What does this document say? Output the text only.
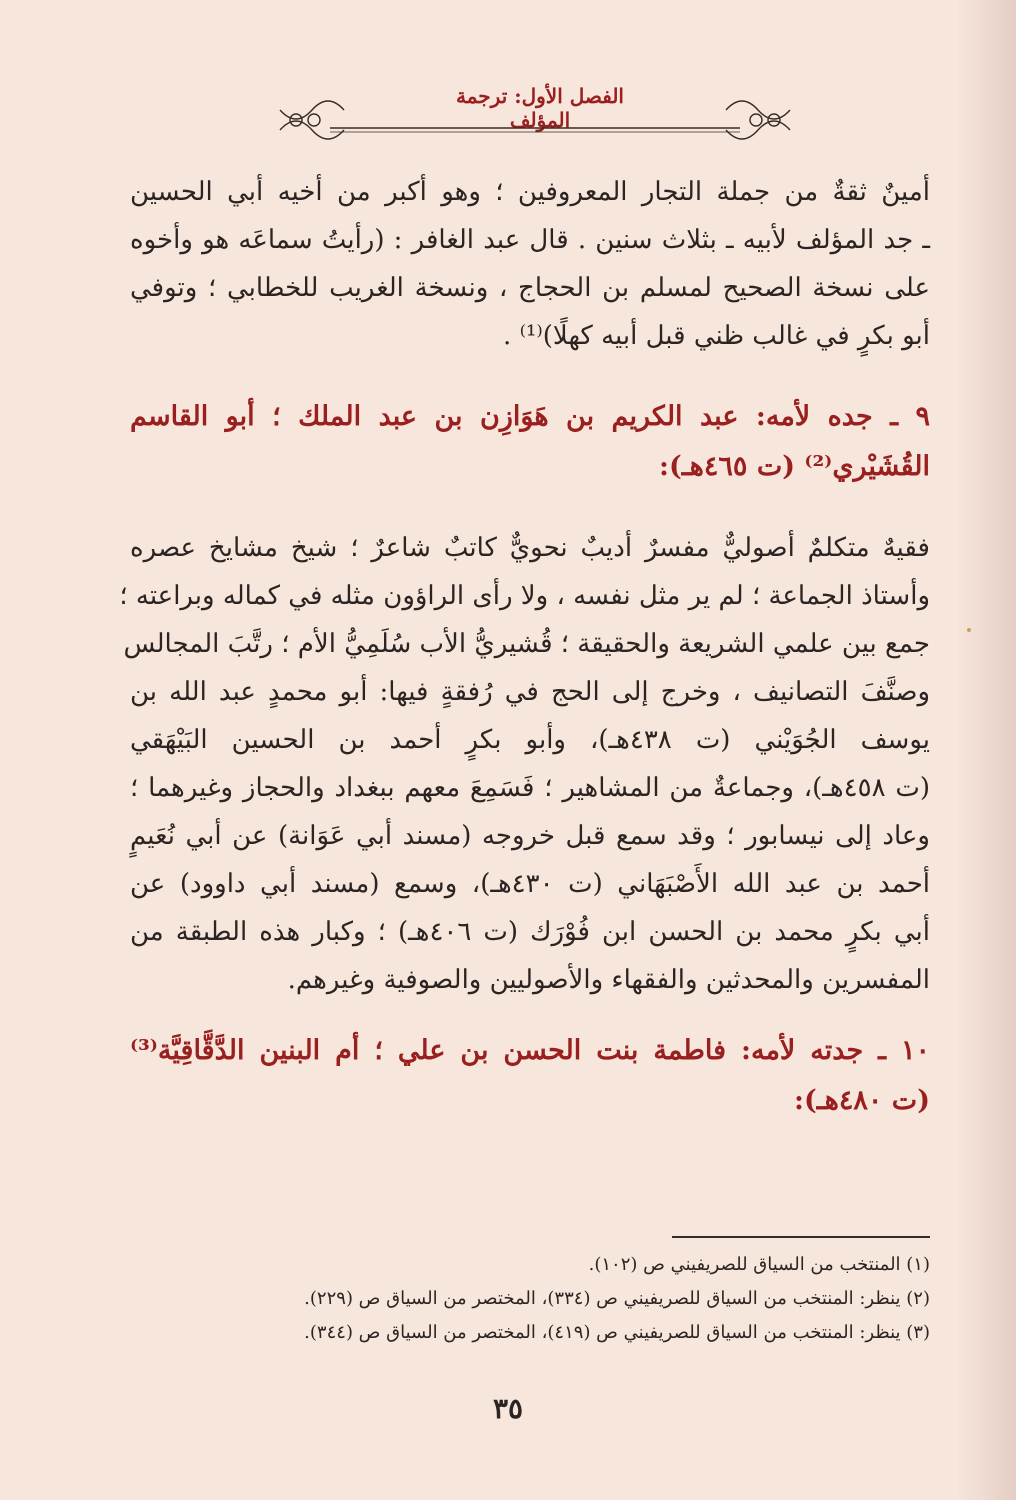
الفصل الأول: ترجمة المؤلف
أمينٌ ثقةٌ من جملة التجار المعروفين ؛ وهو أكبر من أخيه أبي الحسين
ـ جد المؤلف لأبيه ـ بثلاث سنين . قال عبد الغافر : (رأيتُ سماعَه هو وأخوه
على نسخة الصحيح لمسلم بن الحجاج ، ونسخة الغريب للخطابي ؛ وتوفي
أبو بكرٍ في غالب ظني قبل أبيه كهلًا)⁽¹⁾ .
٩ ـ جده لأمه: عبد الكريم بن هَوَازِن بن عبد الملك ؛ أبو القاسم
القُشَيْري⁽²⁾ (ت ٤٦٥هـ):
فقيهٌ متكلمٌ أصوليٌّ مفسرٌ أديبٌ نحويٌّ كاتبٌ شاعرٌ ؛ شيخ مشايخ عصره
وأستاذ الجماعة ؛ لم ير مثل نفسه ، ولا رأى الراؤون مثله في كماله وبراعته ؛
جمع بين علمي الشريعة والحقيقة ؛ قُشيريُّ الأب سُلَمِيُّ الأم ؛ رتَّبَ المجالس
وصنَّفَ التصانيف ، وخرج إلى الحج في رُفقةٍ فيها: أبو محمدٍ عبد الله بن
يوسف الجُوَيْني (ت ٤٣٨هـ)، وأبو بكرٍ أحمد بن الحسين البَيْهَقي
(ت ٤٥٨هـ)، وجماعةٌ من المشاهير ؛ فَسَمِعَ معهم ببغداد والحجاز وغيرهما ؛
وعاد إلى نيسابور ؛ وقد سمع قبل خروجه (مسند أبي عَوَانة) عن أبي نُعَيمٍ
أحمد بن عبد الله الأَصْبَهَاني (ت ٤٣٠هـ)، وسمع (مسند أبي داوود) عن
أبي بكرٍ محمد بن الحسن ابن فُوْرَك (ت ٤٠٦هـ) ؛ وكبار هذه الطبقة من
المفسرين والمحدثين والفقهاء والأصوليين والصوفية وغيرهم.
١٠ ـ جدته لأمه: فاطمة بنت الحسن بن علي ؛ أم البنين الدَّقَّاقِيَّة⁽³⁾
(ت ٤٨٠هـ):
(١) المنتخب من السياق للصريفيني ص (١٠٢).
(٢) ينظر: المنتخب من السياق للصريفيني ص (٣٣٤)، المختصر من السياق ص (٢٢٩).
(٣) ينظر: المنتخب من السياق للصريفيني ص (٤١٩)، المختصر من السياق ص (٣٤٤).
٣٥
